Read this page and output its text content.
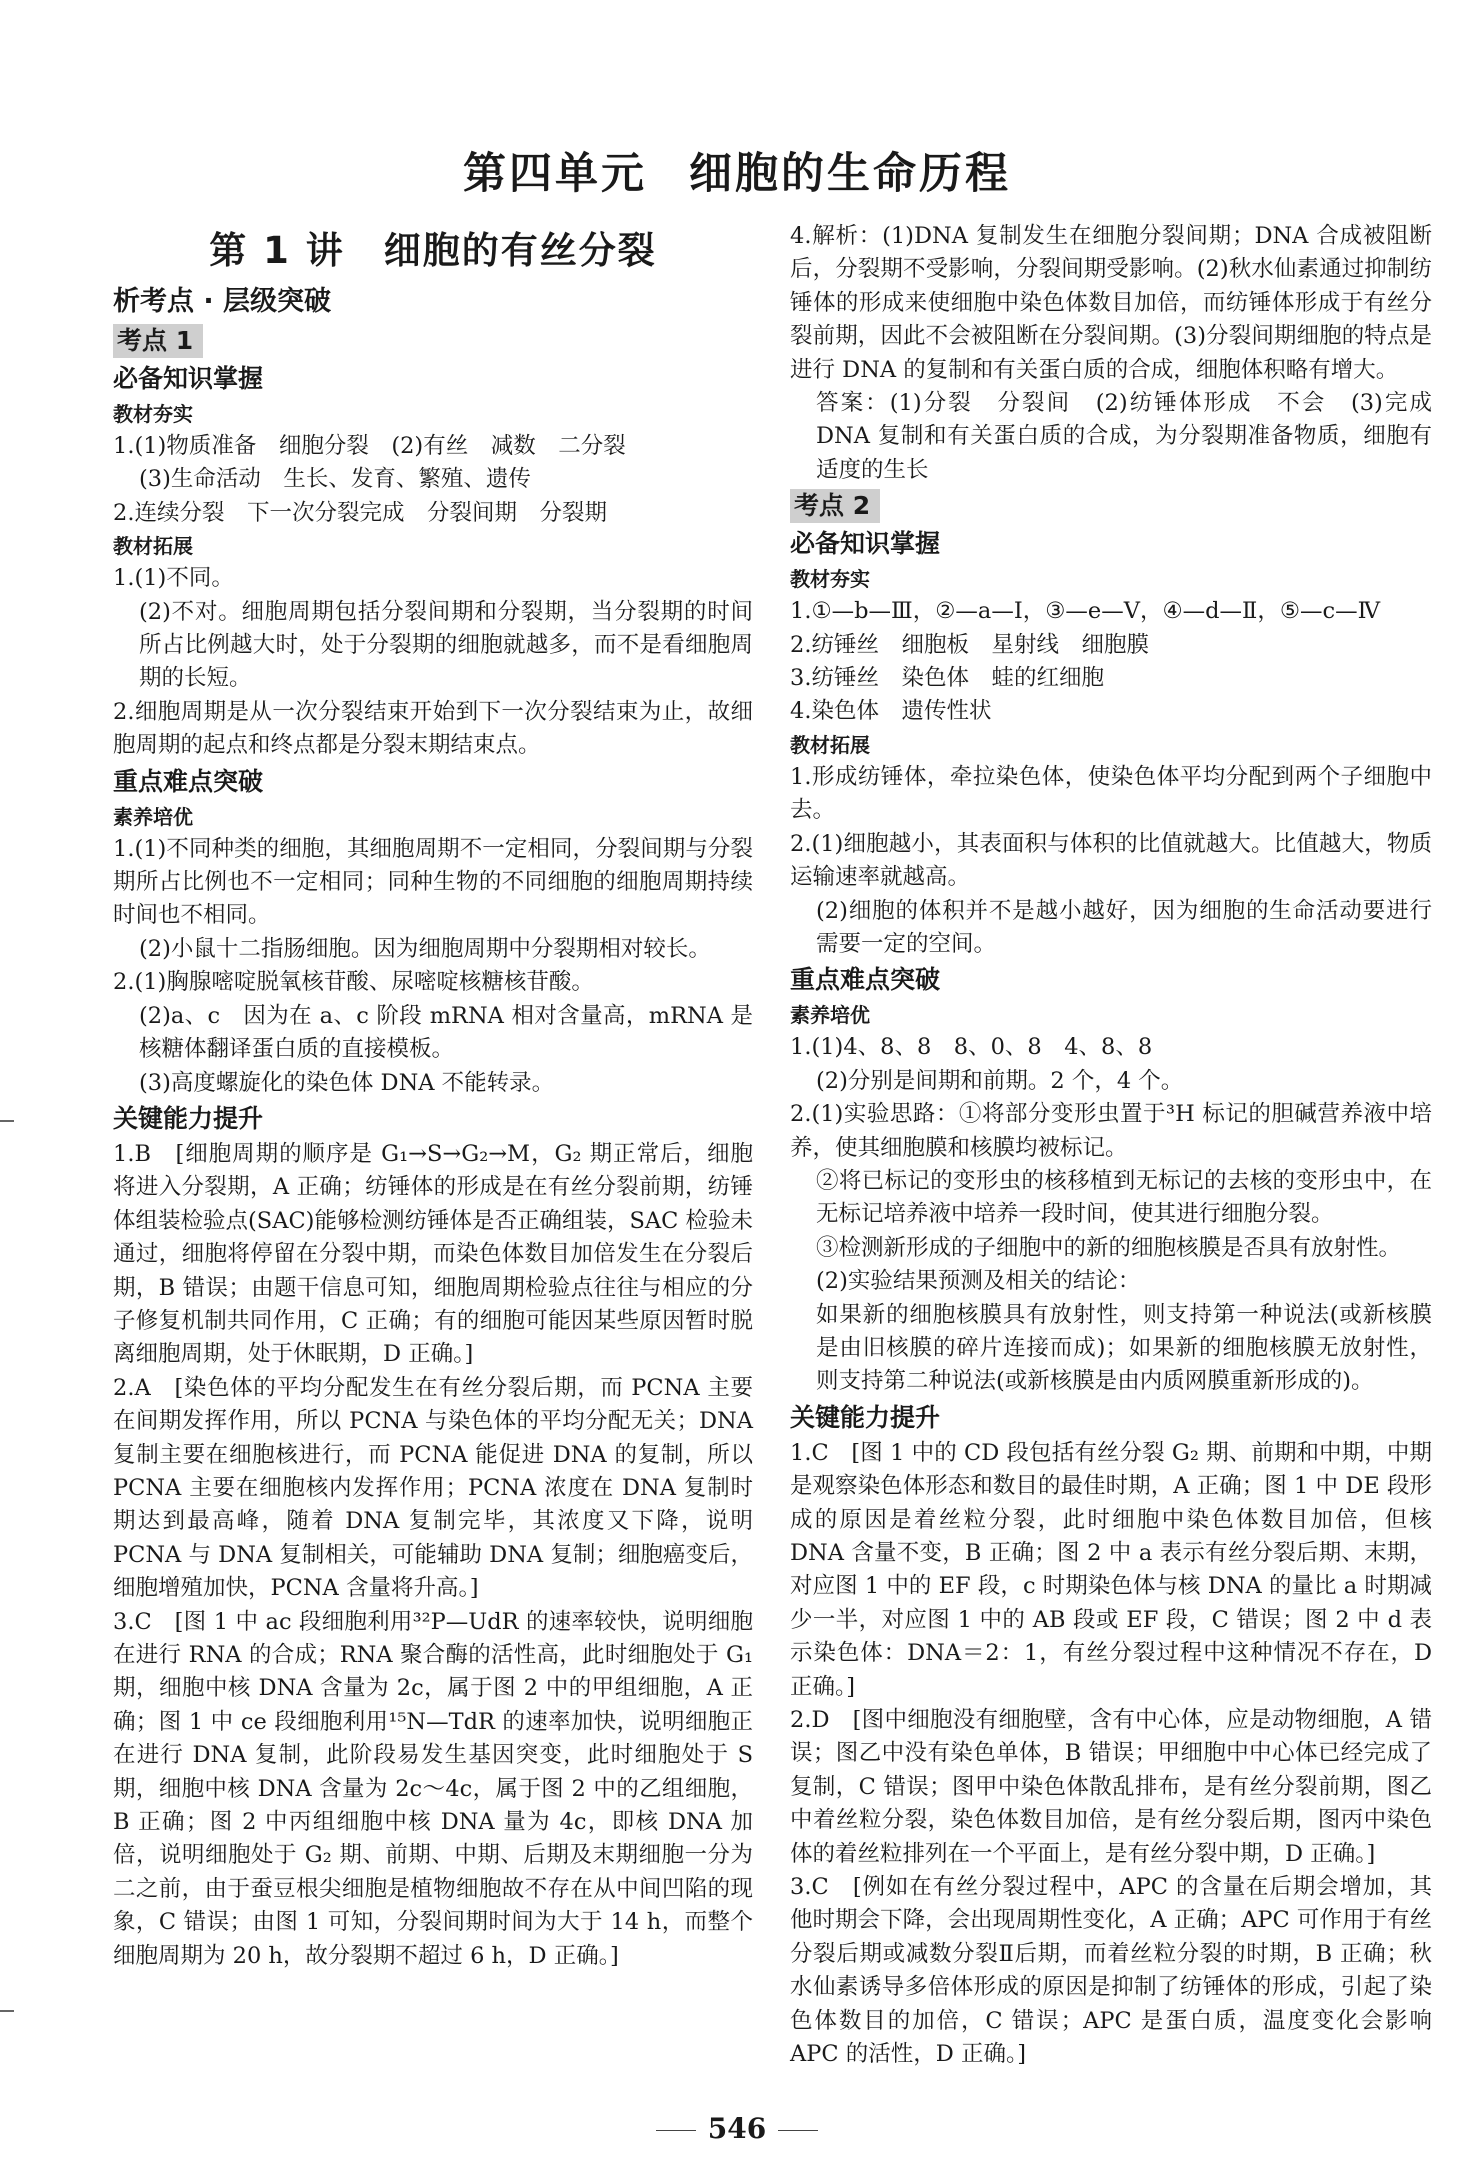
第四单元 细胞的生命历程
第 1 讲　细胞的有丝分裂
析考点 · 层级突破
考点 1

必备知识掌握
教材夯实
1.(1)物质准备　细胞分裂　(2)有丝　减数　二分裂
(3)生命活动　生长、发育、繁殖、遗传
2.连续分裂　下一次分裂完成　分裂间期　分裂期
教材拓展
1.(1)不同。
(2)不对。细胞周期包括分裂间期和分裂期，当分裂期的时间所占比例越大时，处于分裂期的细胞就越多，而不是看细胞周期的长短。
2.细胞周期是从一次分裂结束开始到下一次分裂结束为止，故细胞周期的起点和终点都是分裂末期结束点。
重点难点突破
素养培优
1.(1)不同种类的细胞，其细胞周期不一定相同，分裂间期与分裂期所占比例也不一定相同；同种生物的不同细胞的细胞周期持续时间也不相同。
(2)小鼠十二指肠细胞。因为细胞周期中分裂期相对较长。
2.(1)胸腺嘧啶脱氧核苷酸、尿嘧啶核糖核苷酸。
(2)a、c　因为在 a、c 阶段 mRNA 相对含量高，mRNA 是核糖体翻译蛋白质的直接模板。
(3)高度螺旋化的染色体 DNA 不能转录。
关键能力提升
1.B　[细胞周期的顺序是 G₁→S→G₂→M，G₂ 期正常后，细胞将进入分裂期，A 正确；纺锤体的形成是在有丝分裂前期，纺锤体组装检验点(SAC)能够检测纺锤体是否正确组装，SAC 检验未通过，细胞将停留在分裂中期，而染色体数目加倍发生在分裂后期，B 错误；由题干信息可知，细胞周期检验点往往与相应的分子修复机制共同作用，C 正确；有的细胞可能因某些原因暂时脱离细胞周期，处于休眠期，D 正确。]
2.A　[染色体的平均分配发生在有丝分裂后期，而 PCNA 主要在间期发挥作用，所以 PCNA 与染色体的平均分配无关；DNA 复制主要在细胞核进行，而 PCNA 能促进 DNA 的复制，所以 PCNA 主要在细胞核内发挥作用；PCNA 浓度在 DNA 复制时期达到最高峰，随着 DNA 复制完毕，其浓度又下降，说明 PCNA 与 DNA 复制相关，可能辅助 DNA 复制；细胞癌变后，细胞增殖加快，PCNA 含量将升高。]
3.C　[图 1 中 ac 段细胞利用³²P—UdR 的速率较快，说明细胞在进行 RNA 的合成；RNA 聚合酶的活性高，此时细胞处于 G₁ 期，细胞中核 DNA 含量为 2c，属于图 2 中的甲组细胞，A 正确；图 1 中 ce 段细胞利用¹⁵N—TdR 的速率加快，说明细胞正在进行 DNA 复制，此阶段易发生基因突变，此时细胞处于 S 期，细胞中核 DNA 含量为 2c～4c，属于图 2 中的乙组细胞，B 正确；图 2 中丙组细胞中核 DNA 量为 4c，即核 DNA 加倍，说明细胞处于 G₂ 期、前期、中期、后期及末期细胞一分为二之前，由于蚕豆根尖细胞是植物细胞故不存在从中间凹陷的现象，C 错误；由图 1 可知，分裂间期时间为大于 14 h，而整个细胞周期为 20 h，故分裂期不超过 6 h，D 正确。]
4.解析：(1)DNA 复制发生在细胞分裂间期；DNA 合成被阻断后，分裂期不受影响，分裂间期受影响。(2)秋水仙素通过抑制纺锤体的形成来使细胞中染色体数目加倍，而纺锤体形成于有丝分裂前期，因此不会被阻断在分裂间期。(3)分裂间期细胞的特点是进行 DNA 的复制和有关蛋白质的合成，细胞体积略有增大。
答案：(1)分裂　分裂间　(2)纺锤体形成　不会　(3)完成 DNA 复制和有关蛋白质的合成，为分裂期准备物质，细胞有适度的生长
考点 2

必备知识掌握
教材夯实
1.①—b—Ⅲ，②—a—Ⅰ，③—e—Ⅴ，④—d—Ⅱ，⑤—c—Ⅳ
2.纺锤丝　细胞板　星射线　细胞膜
3.纺锤丝　染色体　蛙的红细胞
4.染色体　遗传性状
教材拓展
1.形成纺锤体，牵拉染色体，使染色体平均分配到两个子细胞中去。
2.(1)细胞越小，其表面积与体积的比值就越大。比值越大，物质运输速率就越高。
(2)细胞的体积并不是越小越好，因为细胞的生命活动要进行需要一定的空间。
重点难点突破
素养培优
1.(1)4、8、8　8、0、8　4、8、8
(2)分别是间期和前期。2 个，4 个。
2.(1)实验思路：①将部分变形虫置于³H 标记的胆碱营养液中培养，使其细胞膜和核膜均被标记。
②将已标记的变形虫的核移植到无标记的去核的变形虫中，在无标记培养液中培养一段时间，使其进行细胞分裂。
③检测新形成的子细胞中的新的细胞核膜是否具有放射性。
(2)实验结果预测及相关的结论：
如果新的细胞核膜具有放射性，则支持第一种说法(或新核膜是由旧核膜的碎片连接而成)；如果新的细胞核膜无放射性，则支持第二种说法(或新核膜是由内质网膜重新形成的)。
关键能力提升
1.C　[图 1 中的 CD 段包括有丝分裂 G₂ 期、前期和中期，中期是观察染色体形态和数目的最佳时期，A 正确；图 1 中 DE 段形成的原因是着丝粒分裂，此时细胞中染色体数目加倍，但核 DNA 含量不变，B 正确；图 2 中 a 表示有丝分裂后期、末期，对应图 1 中的 EF 段，c 时期染色体与核 DNA 的量比 a 时期减少一半，对应图 1 中的 AB 段或 EF 段，C 错误；图 2 中 d 表示染色体：DNA＝2：1，有丝分裂过程中这种情况不存在，D 正确。]
2.D　[图中细胞没有细胞壁，含有中心体，应是动物细胞，A 错误；图乙中没有染色单体，B 错误；甲细胞中中心体已经完成了复制，C 错误；图甲中染色体散乱排布，是有丝分裂前期，图乙中着丝粒分裂，染色体数目加倍，是有丝分裂后期，图丙中染色体的着丝粒排列在一个平面上，是有丝分裂中期，D 正确。]
3.C　[例如在有丝分裂过程中，APC 的含量在后期会增加，其他时期会下降，会出现周期性变化，A 正确；APC 可作用于有丝分裂后期或减数分裂Ⅱ后期，而着丝粒分裂的时期，B 正确；秋水仙素诱导多倍体形成的原因是抑制了纺锤体的形成，引起了染色体数目的加倍，C 错误；APC 是蛋白质，温度变化会影响 APC 的活性，D 正确。]
546
